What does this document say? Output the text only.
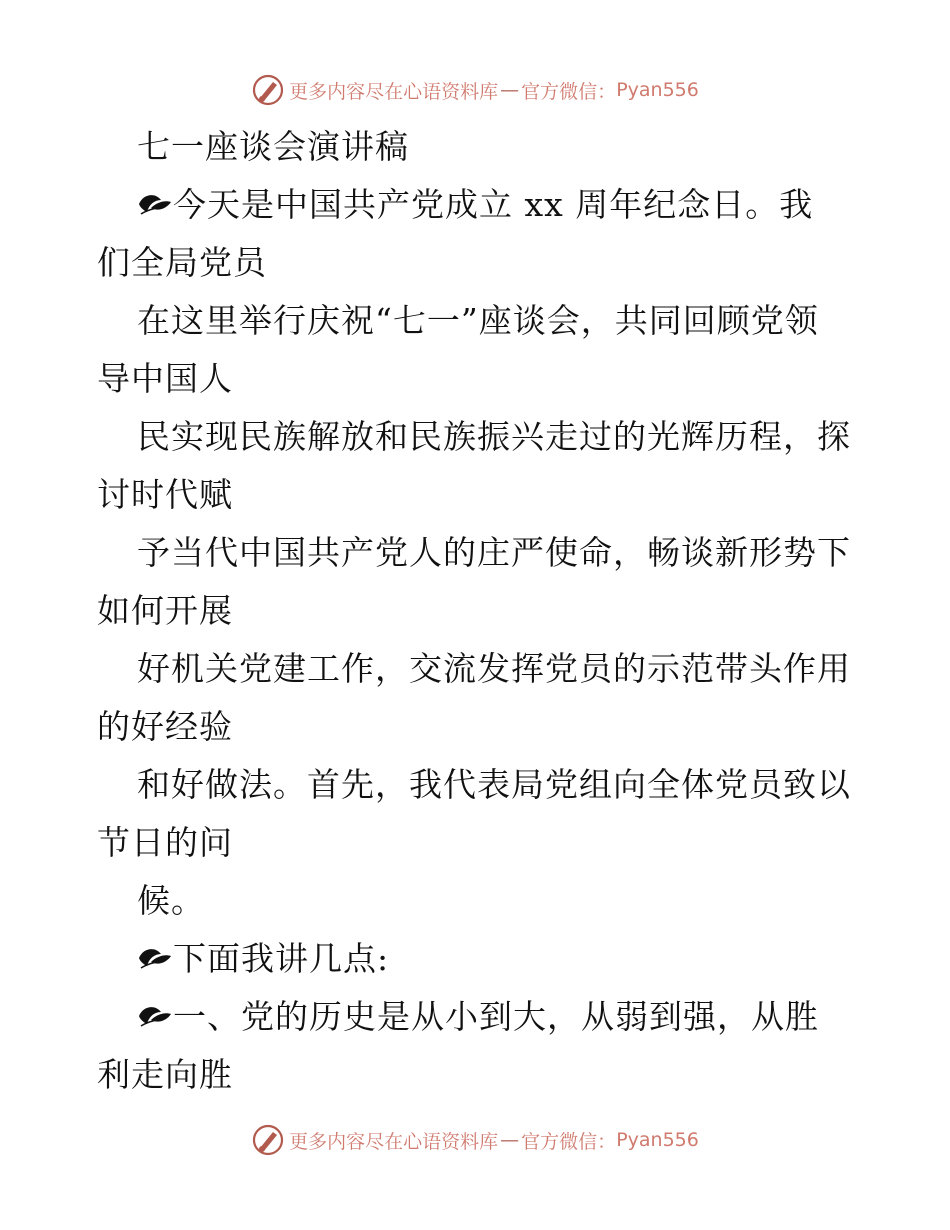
更多内容尽在心语资料库 — 官方微信： Pyan556
七一座谈会演讲稿
今天是中国共产党成立 xx 周年纪念日。我
们全局党员
在这里举行庆祝“七一”座谈会，共同回顾党领
导中国人
民实现民族解放和民族振兴走过的光辉历程，探
讨时代赋
予当代中国共产党人的庄严使命，畅谈新形势下
如何开展
好机关党建工作，交流发挥党员的示范带头作用
的好经验
和好做法。首先，我代表局党组向全体党员致以
节日的问
候。
下面我讲几点:
一、党的历史是从小到大，从弱到强，从胜
利走向胜
更多内容尽在心语资料库 — 官方微信： Pyan556
